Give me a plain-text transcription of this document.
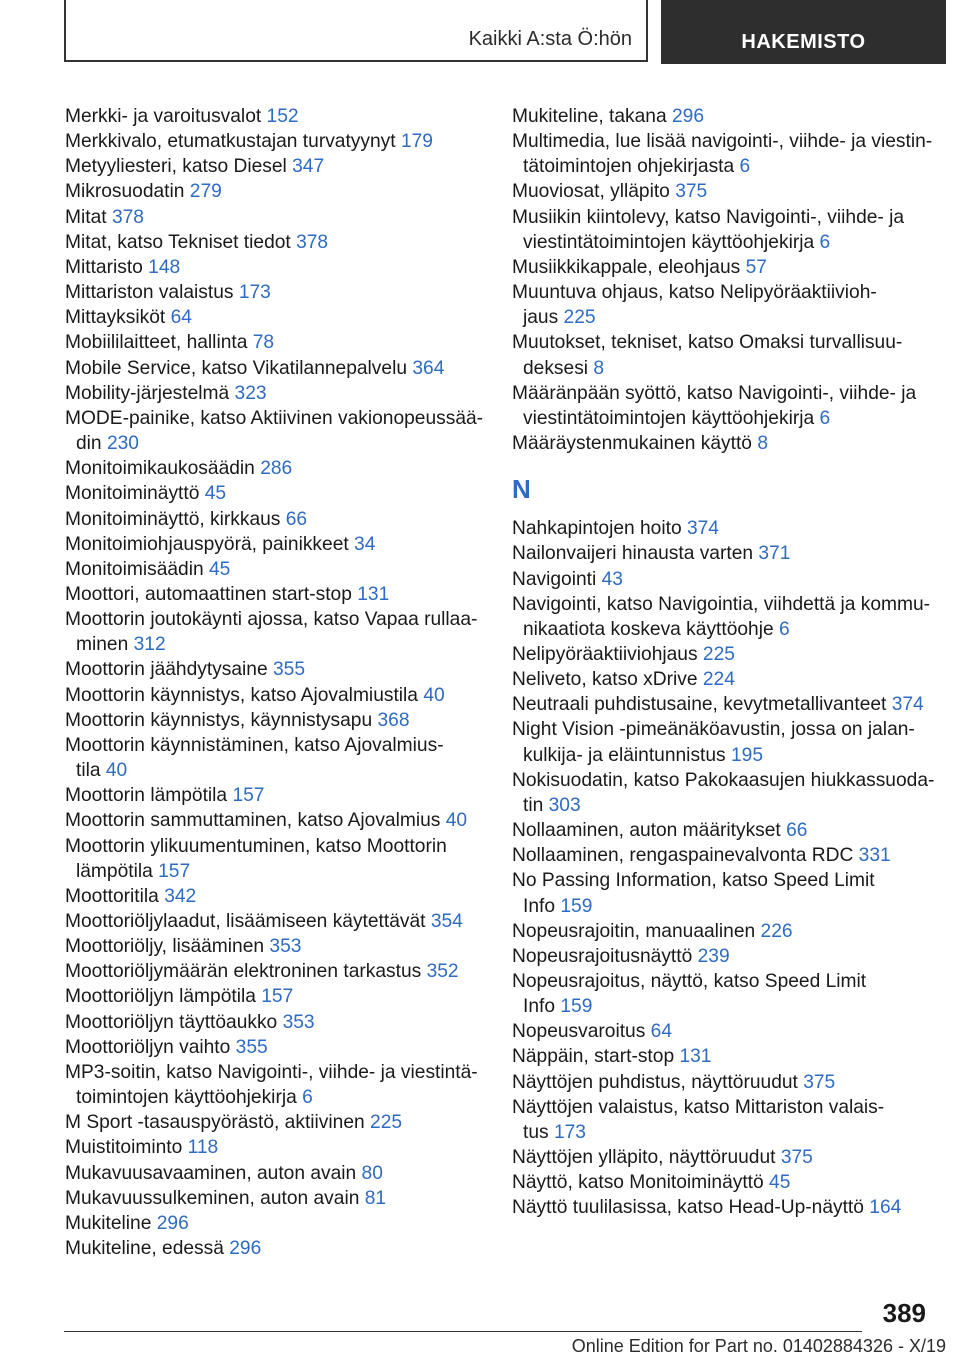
Kaikki A:sta Ö:hön	HAKEMISTO
Merkki- ja varoitusvalot 152
Merkkivalo, etumatkustajan turvatyynyt 179
Metyyliesteri, katso Diesel 347
Mikrosuodatin 279
Mitat 378
Mitat, katso Tekniset tiedot 378
Mittaristo 148
Mittariston valaistus 173
Mittayksiköt 64
Mobiililaitteet, hallinta 78
Mobile Service, katso Vikatilannepalvelu 364
Mobility-järjestelmä 323
MODE-painike, katso Aktiivinen vakionopeussää-
din 230
Monitoimikaukosäädin 286
Monitoiminäyttö 45
Monitoiminäyttö, kirkkaus 66
Monitoimiohjauspyörä, painikkeet 34
Monitoimisäädin 45
Moottori, automaattinen start-stop 131
Moottorin joutokäynti ajossa, katso Vapaa rullaa-
minen 312
Moottorin jäähdytysaine 355
Moottorin käynnistys, katso Ajovalmiustila 40
Moottorin käynnistys, käynnistysapu 368
Moottorin käynnistäminen, katso Ajovalmius-
tila 40
Moottorin lämpötila 157
Moottorin sammuttaminen, katso Ajovalmius 40
Moottorin ylikuumentuminen, katso Moottorin
lämpötila 157
Moottoritila 342
Moottoriöljylaadut, lisäämiseen käytettävät 354
Moottoriöljy, lisääminen 353
Moottoriöljymäärän elektroninen tarkastus 352
Moottoriöljyn lämpötila 157
Moottoriöljyn täyttöaukko 353
Moottoriöljyn vaihto 355
MP3-soitin, katso Navigointi-, viihde- ja viestintä-
toimintojen käyttöohjekirja 6
M Sport -tasauspyörästö, aktiivinen 225
Muistitoiminto 118
Mukavuusavaaminen, auton avain 80
Mukavuussulkeminen, auton avain 81
Mukiteline 296
Mukiteline, edessä 296
Mukiteline, takana 296
Multimedia, lue lisää navigointi-, viihde- ja viestin-
tätoimintojen ohjekirjasta 6
Muoviosat, ylläpito 375
Musiikin kiintolevy, katso Navigointi-, viihde- ja
viestintätoimintojen käyttöohjekirja 6
Musiikkikappale, eleohjaus 57
Muuntuva ohjaus, katso Nelipyöräaktiivioh-
jaus 225
Muutokset, tekniset, katso Omaksi turvallisuu-
deksesi 8
Määränpään syöttö, katso Navigointi-, viihde- ja
viestintätoimintojen käyttöohjekirja 6
Määräystenmukainen käyttö 8
N
Nahkapintojen hoito 374
Nailonvaijeri hinausta varten 371
Navigointi 43
Navigointi, katso Navigointia, viihdettä ja kommu-
nikaatiota koskeva käyttöohje 6
Nelipyöräaktiiviohjaus 225
Neliveto, katso xDrive 224
Neutraali puhdistusaine, kevytmetallivanteet 374
Night Vision -pimeänäköavustin, jossa on jalan-
kulkija- ja eläintunnistus 195
Nokisuodatin, katso Pakokaasujen hiukkassuoda-
tin 303
Nollaaminen, auton määritykset 66
Nollaaminen, rengaspainevalvonta RDC 331
No Passing Information, katso Speed Limit
Info 159
Nopeusrajoitin, manuaalinen 226
Nopeusrajoitusnäyttö 239
Nopeusrajoitus, näyttö, katso Speed Limit
Info 159
Nopeusvaroitus 64
Näppäin, start-stop 131
Näyttöjen puhdistus, näyttöruudut 375
Näyttöjen valaistus, katso Mittariston valais-
tus 173
Näyttöjen ylläpito, näyttöruudut 375
Näyttö, katso Monitoiminäyttö 45
Näyttö tuulilasissa, katso Head-Up-näyttö 164
389
Online Edition for Part no. 01402884326 - X/19
